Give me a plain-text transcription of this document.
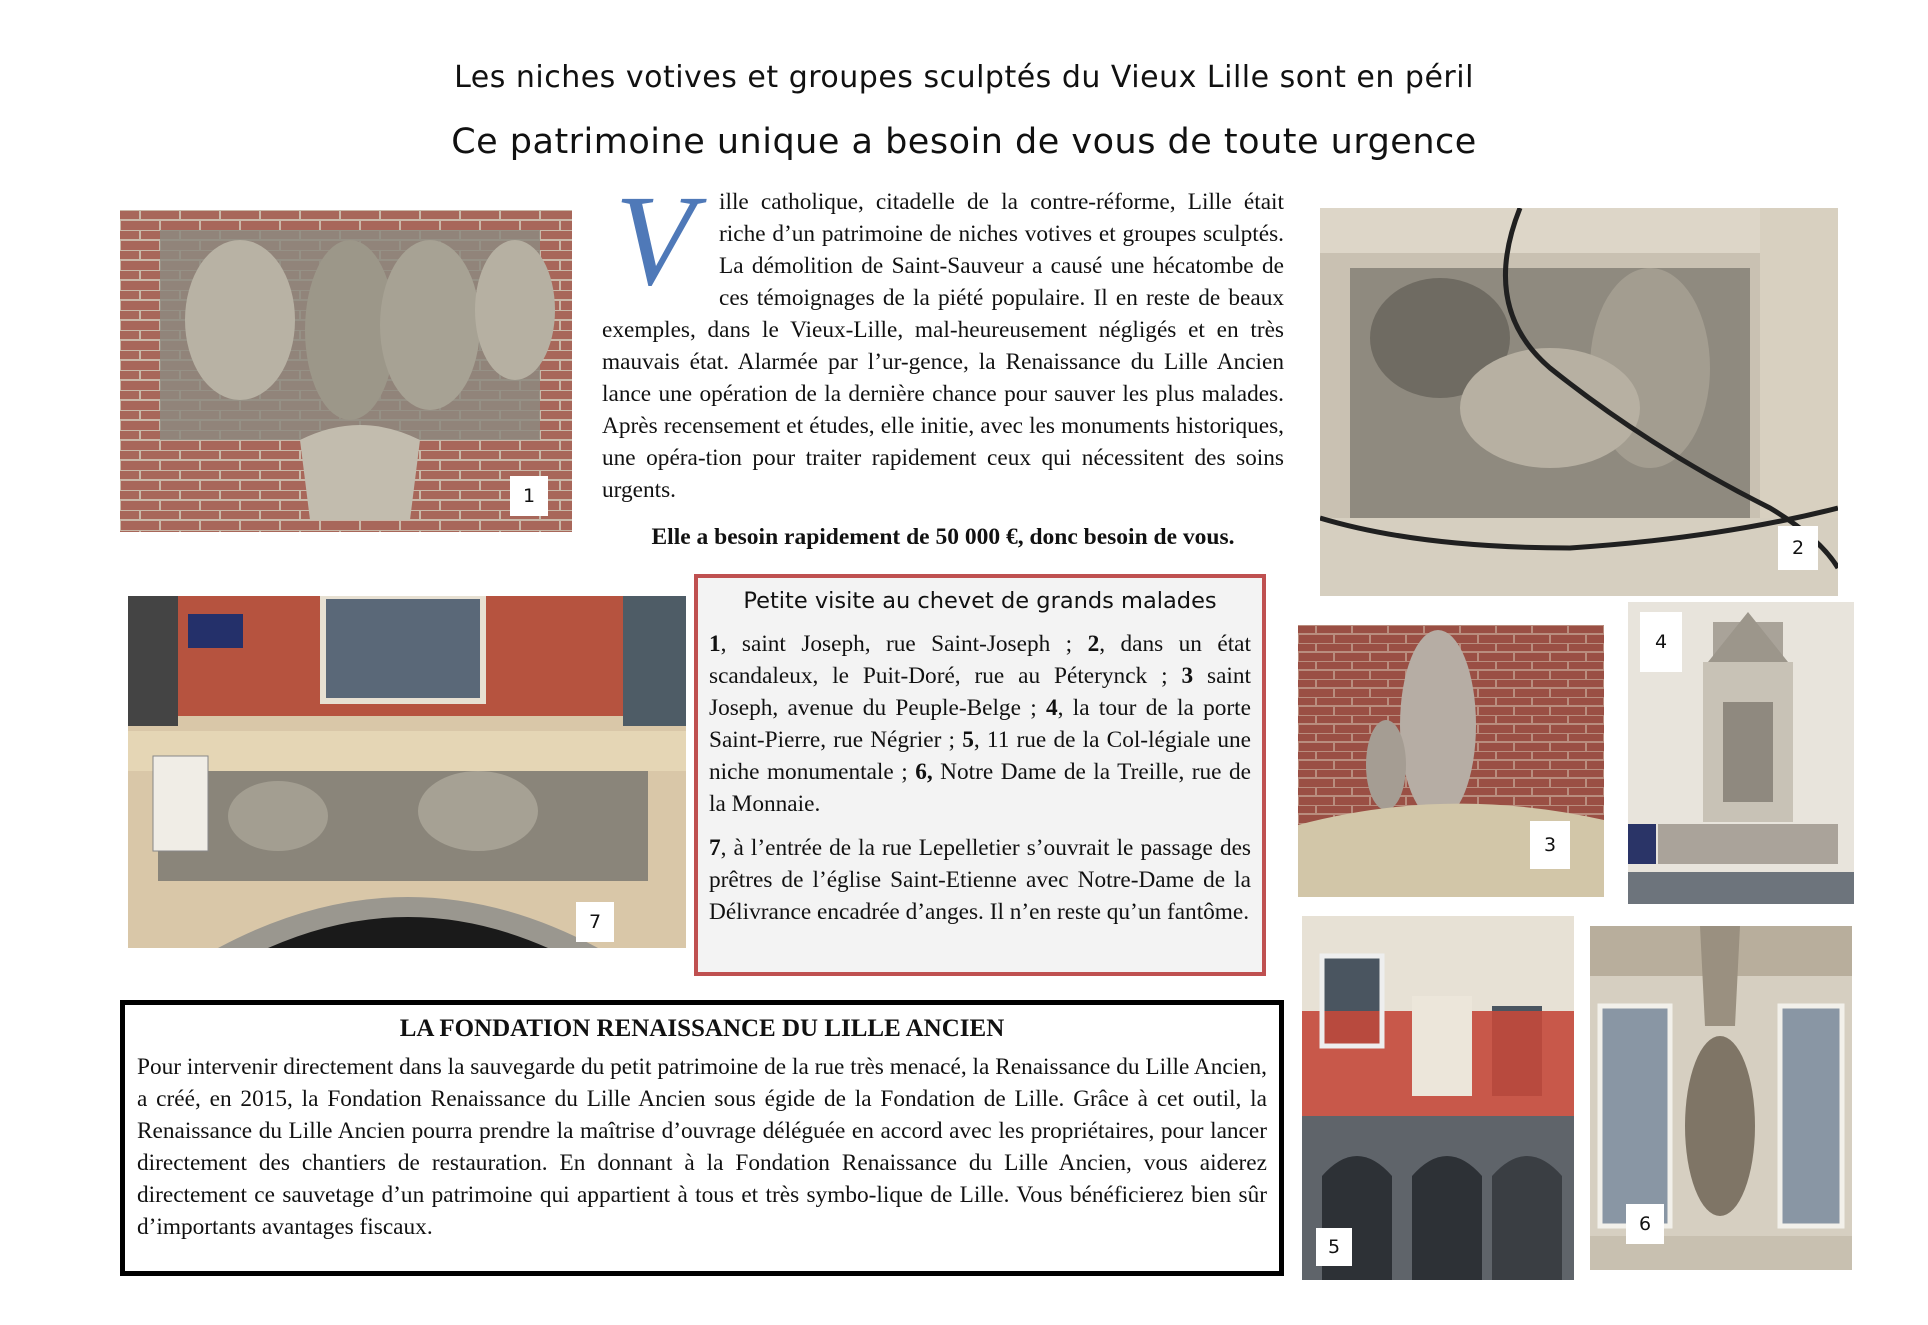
Les niches votives et groupes sculptés du Vieux Lille sont en péril
Ce patrimoine unique a besoin de vous de toute urgence
1
2
7
3
4
5
6
V	ille catholique, citadelle de la contre-réforme, Lille était riche d’un patrimoine de niches votives et groupes sculptés. La démolition de Saint-Sauveur a causé une hécatombe de ces témoignages de la piété populaire. Il en reste de beaux exemples, dans le Vieux-Lille, mal-heureusement négligés et en très mauvais état. Alarmée par l’ur-gence, la Renaissance du Lille Ancien lance une opération de la dernière chance pour sauver les plus malades. Après recensement et études, elle initie, avec les monuments historiques, une opéra-tion pour traiter rapidement ceux qui nécessitent des soins urgents.
Elle a besoin rapidement de 50 000 €, donc besoin de vous.
Petite visite au chevet de grands malades

1, saint Joseph, rue Saint-Joseph ; 2, dans un état scandaleux, le Puit-Doré, rue au Péterynck ; 3 saint Joseph, avenue du Peuple-Belge ; 4, la tour de la porte Saint-Pierre, rue Négrier ; 5, 11 rue de la Col-légiale une niche monumentale ; 6, Notre Dame de la Treille, rue de la Monnaie.

7, à l’entrée de la rue Lepelletier s’ouvrait le passage des prêtres de l’église Saint-Etienne avec Notre-Dame de la Délivrance encadrée d’anges. Il n’en reste qu’un fantôme.

LA FONDATION RENAISSANCE DU LILLE ANCIEN
Pour intervenir directement dans la sauvegarde du petit patrimoine de la rue très menacé, la Renaissance du Lille Ancien, a créé, en 2015, la Fondation Renaissance du Lille Ancien sous égide de la Fondation de Lille. Grâce à cet outil, la Renaissance du Lille Ancien pourra prendre la maîtrise d’ouvrage déléguée en accord avec les propriétaires, pour lancer directement des chantiers de restauration. En donnant à la Fondation Renaissance du Lille Ancien, vous aiderez directement ce sauvetage d’un patrimoine qui appartient à tous et très symbo-lique de Lille. Vous bénéficierez bien sûr d’importants avantages fiscaux.
